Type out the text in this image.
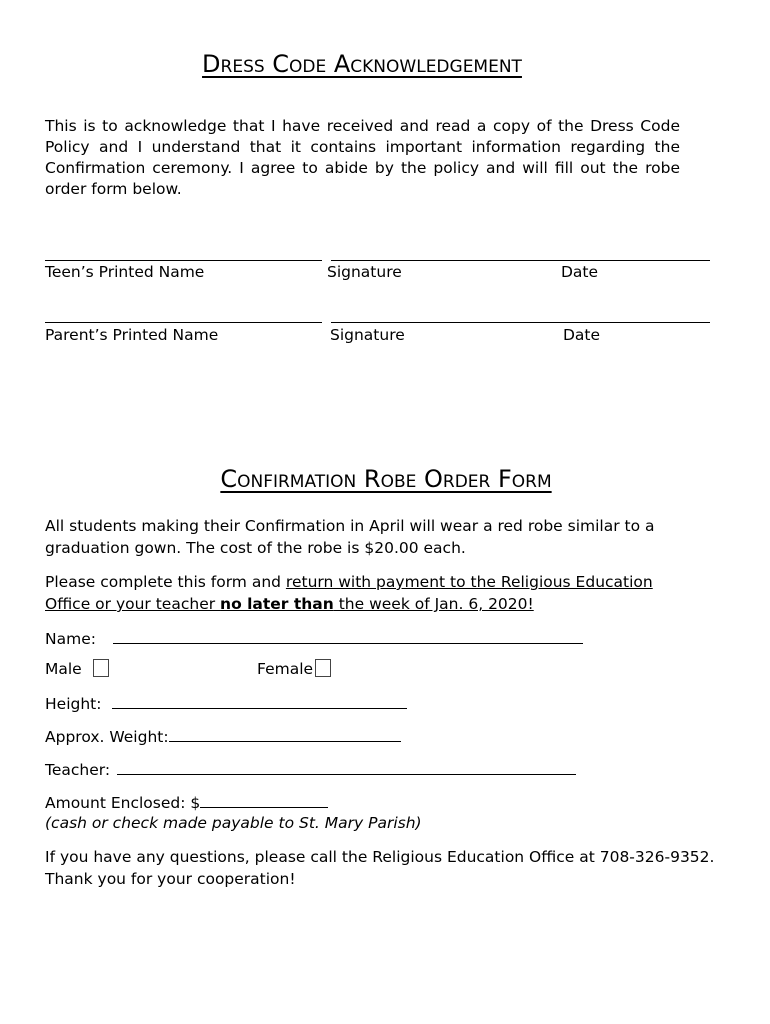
Dress Code Acknowledgement
This is to acknowledge that I have received and read a copy of the Dress Code Policy and I understand that it contains important information regarding the Confirmation ceremony. I agree to abide by the policy and will fill out the robe order form below.
Teen’s Printed Name	Signature	Date
Parent’s Printed Name	Signature	Date
Confirmation Robe Order Form
All students making their Confirmation in April will wear a red robe similar to a graduation gown. The cost of the robe is $20.00 each.
Please complete this form and return with payment to the Religious Education Office or your teacher no later than the week of Jan. 6, 2020!
Name:
Male	Female
Height:
Approx. Weight:
Teacher:
Amount Enclosed: $
(cash or check made payable to St. Mary Parish)
If you have any questions, please call the Religious Education Office at 708-326-9352.
Thank you for your cooperation!
